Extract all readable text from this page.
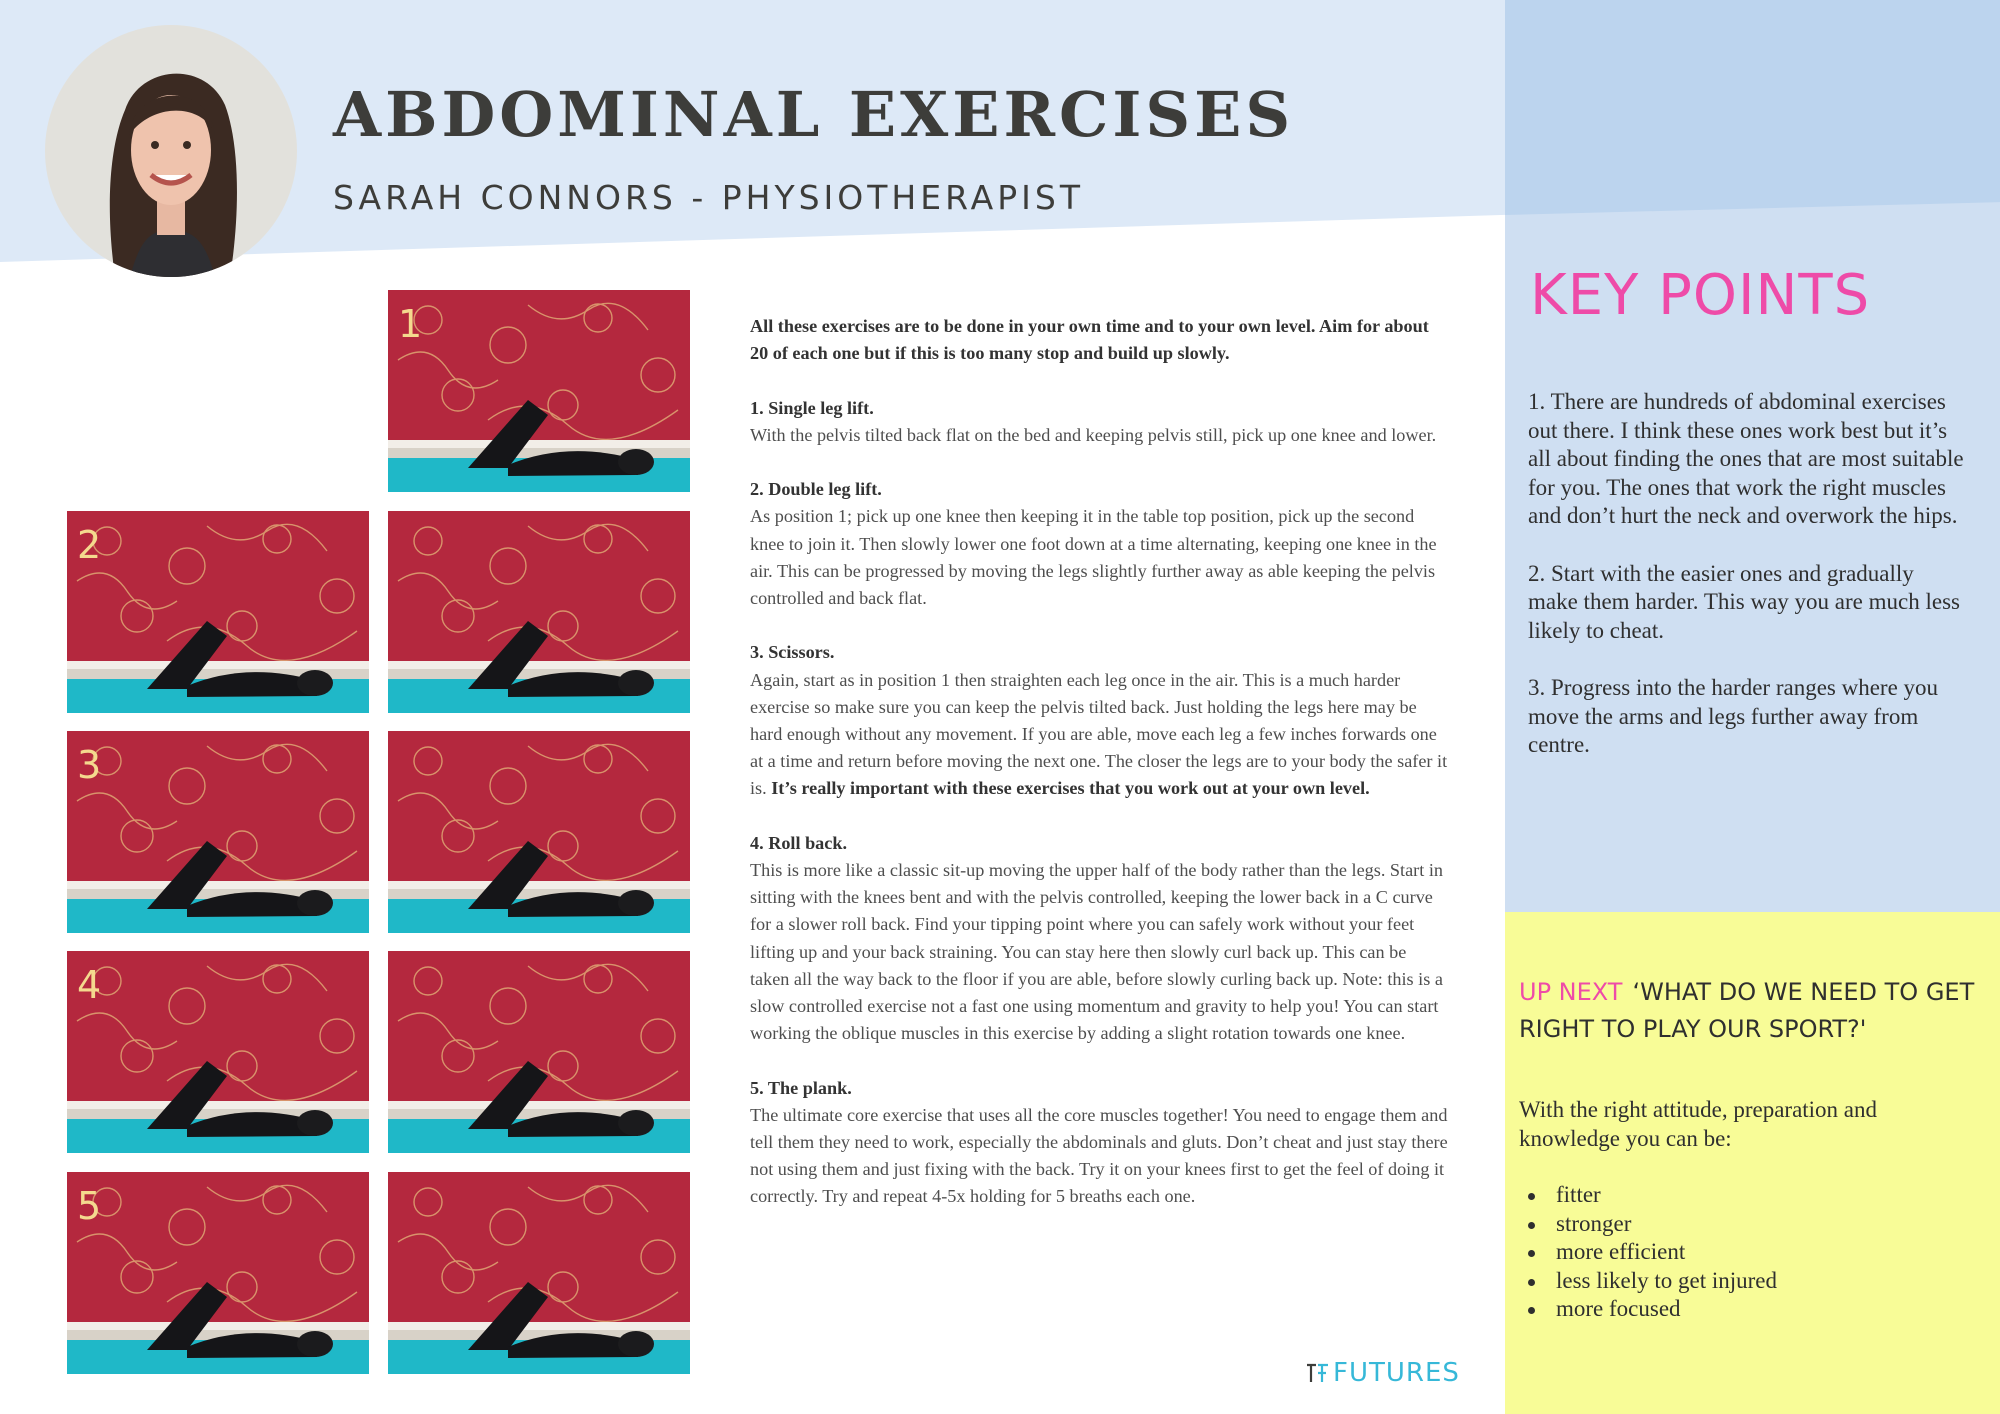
ABDOMINAL EXERCISES

SARAH CONNORS - PHYSIOTHERAPIST

1
2
3
4
5

All these exercises are to be done in your own time and to your own level. Aim for about 20 of each one but if this is too many stop and build up slowly.

1. Single leg lift.
With the pelvis tilted back flat on the bed and keeping pelvis still, pick up one knee and lower.

2. Double leg lift.
As position 1; pick up one knee then keeping it in the table top position, pick up the second knee to join it. Then slowly lower one foot down at a time alternating, keeping one knee in the air. This can be progressed by moving the legs slightly further away as able keeping the pelvis controlled and back flat.

3. Scissors.
Again, start as in position 1 then straighten each leg once in the air. This is a much harder exercise so make sure you can keep the pelvis tilted back. Just holding the legs here may be hard enough without any movement. If you are able, move each leg a few inches forwards one at a time and return before moving the next one. The closer the legs are to your body the safer it is. It’s really important with these exercises that you work out at your own level.

4. Roll back.
This is more like a classic sit-up moving the upper half of the body rather than the legs. Start in sitting with the knees bent and with the pelvis controlled, keeping the lower back in a C curve for a slower roll back. Find your tipping point where you can safely work without your feet lifting up and your back straining. You can stay here then slowly curl back up. This can be taken all the way back to the floor if you are able, before slowly curling back up. Note: this is a slow controlled exercise not a fast one using momentum and gravity to help you! You can start working the oblique muscles in this exercise by adding a slight rotation towards one knee.

5. The plank.
The ultimate core exercise that uses all the core muscles together! You need to engage them and tell them they need to work, especially the abdominals and gluts. Don’t cheat and just stay there not using them and just fixing with the back. Try it on your knees first to get the feel of doing it correctly. Try and repeat 4-5x holding for 5 breaths each one.

KEY POINTS

1. There are hundreds of abdominal exercises out there. I think these ones work best but it’s all about finding the ones that are most suitable for you. The ones that work the right muscles and don’t hurt the neck and overwork the hips.

2. Start with the easier ones and gradually make them harder. This way you are much less likely to cheat.

3. Progress into the harder ranges where you move the arms and legs further away from centre.

UP NEXT ‘WHAT DO WE NEED TO GET RIGHT TO PLAY OUR SPORT?'

With the right attitude, preparation and knowledge you can be:

fitter
stronger
more efficient
less likely to get injured
more focused
FUTURES
